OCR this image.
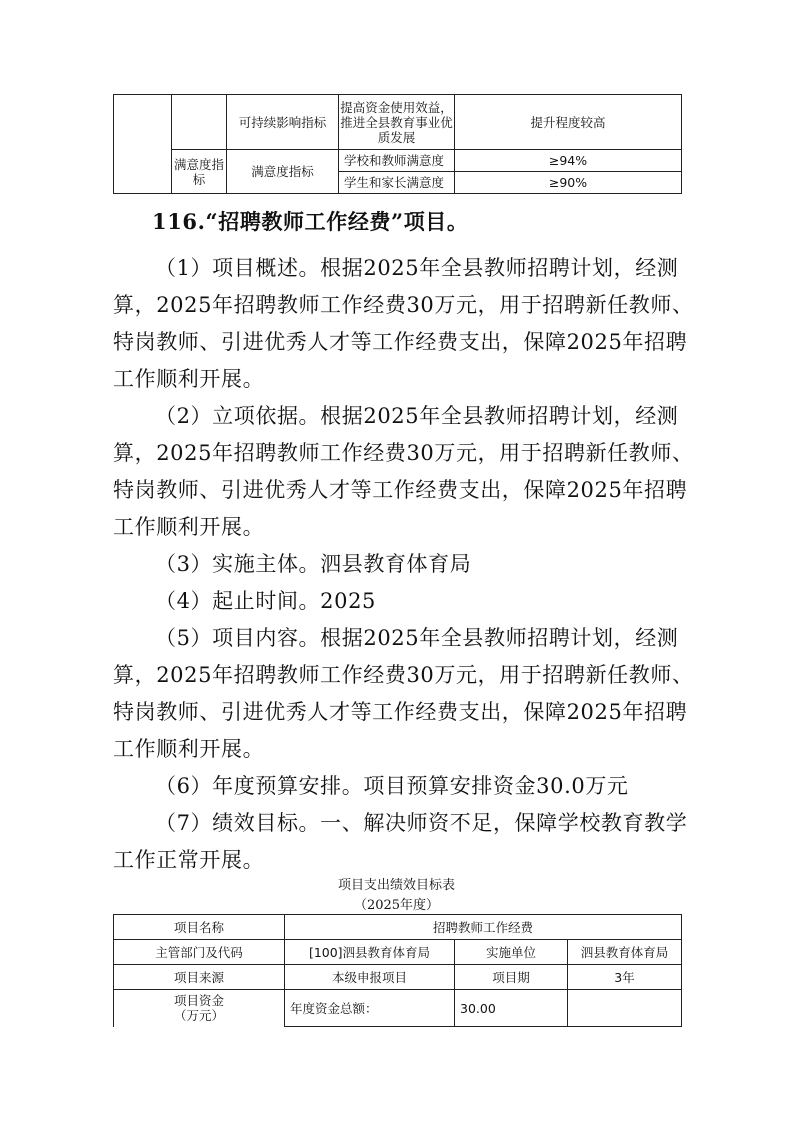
		可持续影响指标	提高资金使用效益，推进全县教育事业优质发展	提升程度较高
	满意度指标	满意度指标	学校和教师满意度	≥94%
			学生和家长满意度	≥90%
116.“招聘教师工作经费”项目。
（1）项目概述。根据2025年全县教师招聘计划，经测
算，2025年招聘教师工作经费30万元，用于招聘新任教师、
特岗教师、引进优秀人才等工作经费支出，保障2025年招聘
工作顺利开展。
（2）立项依据。根据2025年全县教师招聘计划，经测
算，2025年招聘教师工作经费30万元，用于招聘新任教师、
特岗教师、引进优秀人才等工作经费支出，保障2025年招聘
工作顺利开展。
（3）实施主体。泗县教育体育局
（4）起止时间。2025
（5）项目内容。根据2025年全县教师招聘计划，经测
算，2025年招聘教师工作经费30万元，用于招聘新任教师、
特岗教师、引进优秀人才等工作经费支出，保障2025年招聘
工作顺利开展。
（6）年度预算安排。项目预算安排资金30.0万元
（7）绩效目标。一、解决师资不足，保障学校教育教学
工作正常开展。
项目支出绩效目标表
（2025年度）
项目名称	招聘教师工作经费		
主管部门及代码	[100]泗县教育体育局	实施单位	泗县教育体育局
项目来源	本级申报项目	项目期	3年

项目资金
（万元）	年度资金总额：	30.00	
